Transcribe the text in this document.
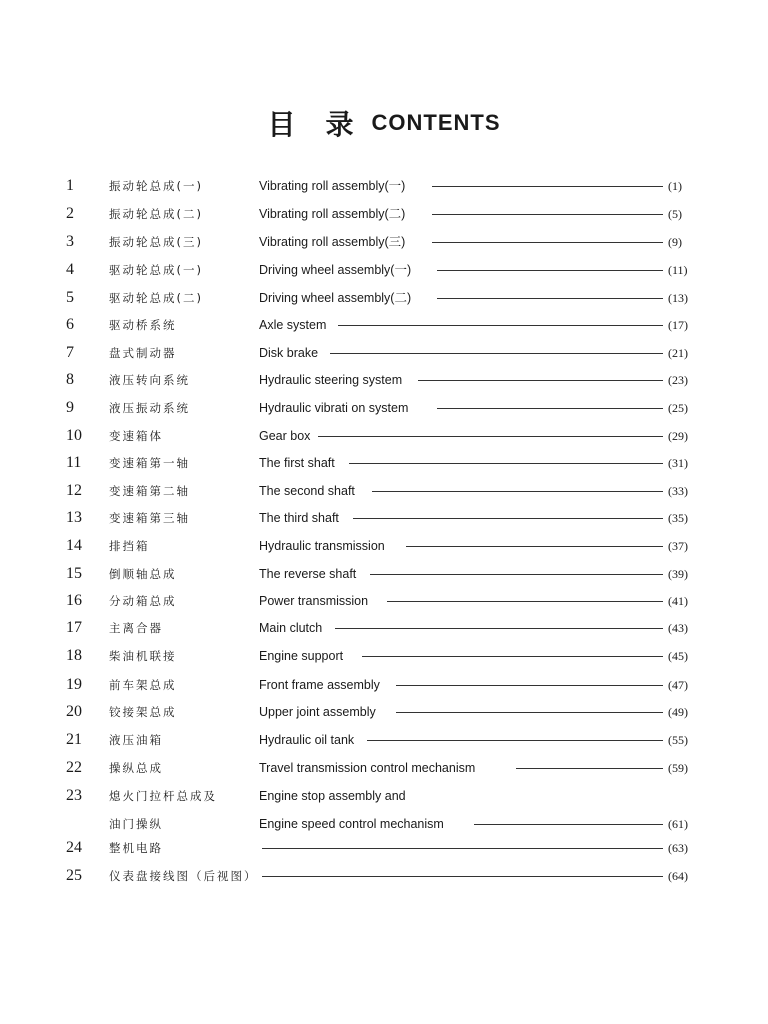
目录CONTENTS
1	振动轮总成(一)	Vibrating roll assembly(一)	(1)
2	振动轮总成(二)	Vibrating roll assembly(二)	(5)
3	振动轮总成(三)	Vibrating roll assembly(三)	(9)
4	驱动轮总成(一)	Driving wheel assembly(一)	(11)
5	驱动轮总成(二)	Driving wheel assembly(二)	(13)
6	驱动桥系统	Axle system	(17)
7	盘式制动器	Disk brake	(21)
8	液压转向系统	Hydraulic steering system	(23)
9	液压振动系统	Hydraulic vibrati on system	(25)
10	变速箱体	Gear box	(29)
11	变速箱第一轴	The first shaft	(31)
12	变速箱第二轴	The second shaft	(33)
13	变速箱第三轴	The third shaft	(35)
14	排挡箱	Hydraulic transmission	(37)
15	倒顺轴总成	The reverse shaft	(39)
16	分动箱总成	Power transmission	(41)
17	主离合器	Main clutch	(43)
18	柴油机联接	Engine support	(45)
19	前车架总成	Front frame assembly	(47)
20	铰接架总成	Upper joint assembly	(49)
21	液压油箱	Hydraulic oil tank	(55)
22	操纵总成	Travel transmission control mechanism	(59)
23	熄火门拉杆总成及	Engine stop assembly and
油门操纵	Engine speed control mechanism	(61)
24	整机电路	(63)
25	仪表盘接线图（后视图）	(64)
